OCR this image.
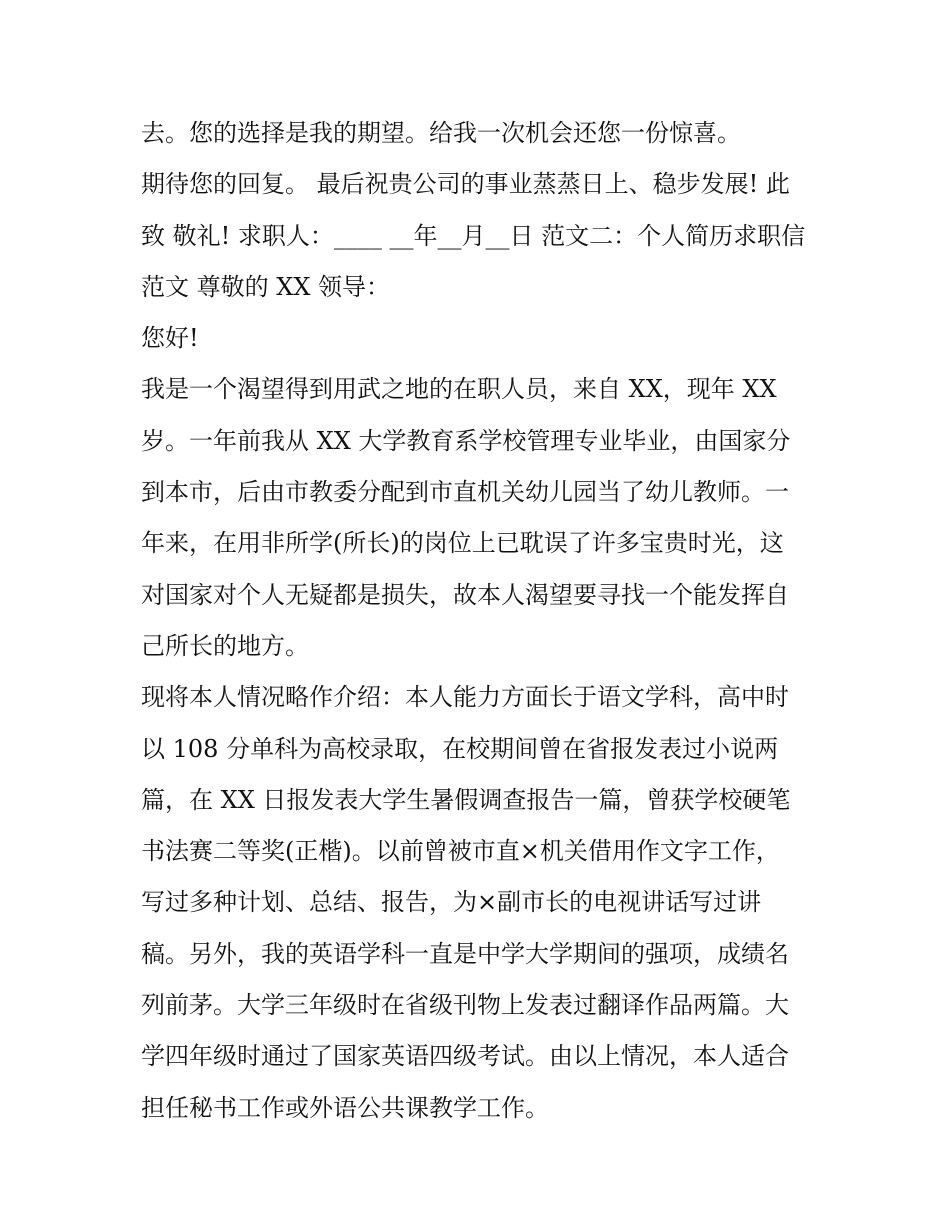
去。您的选择是我的期望。给我一次机会还您一份惊喜。
期待您的回复。 最后祝贵公司的事业蒸蒸日上、稳步发展! 此
致 敬礼! 求职人：____ __年__月__日 范文二：个人简历求职信
范文 尊敬的 XX 领导：
您好!
我是一个渴望得到用武之地的在职人员，来自 XX，现年 XX
岁。一年前我从 XX 大学教育系学校管理专业毕业，由国家分
到本市，后由市教委分配到市直机关幼儿园当了幼儿教师。一
年来，在用非所学(所长)的岗位上已耽误了许多宝贵时光，这
对国家对个人无疑都是损失，故本人渴望要寻找一个能发挥自
己所长的地方。
现将本人情况略作介绍：本人能力方面长于语文学科，高中时
以 108 分单科为高校录取，在校期间曾在省报发表过小说两
篇，在 XX 日报发表大学生暑假调查报告一篇，曾获学校硬笔
书法赛二等奖(正楷)。以前曾被市直×机关借用作文字工作，
写过多种计划、总结、报告，为×副市长的电视讲话写过讲
稿。另外，我的英语学科一直是中学大学期间的强项，成绩名
列前茅。大学三年级时在省级刊物上发表过翻译作品两篇。大
学四年级时通过了国家英语四级考试。由以上情况，本人适合
担任秘书工作或外语公共课教学工作。
